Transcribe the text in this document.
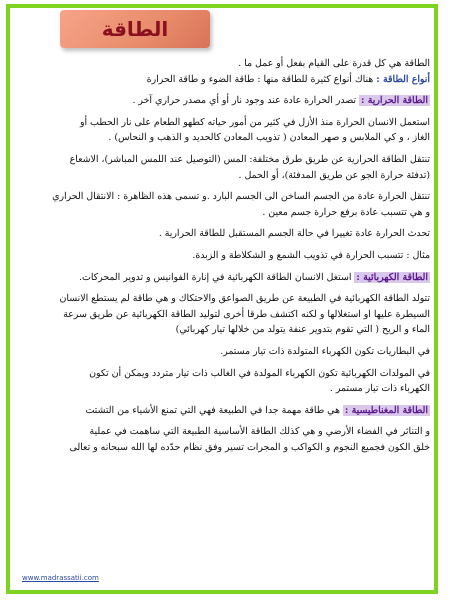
الطاقة

الطاقة هي كل قدرة على القيام بفعل أو عمل ما .

أنواع الطاقة : هناك أنواع كثيرة للطاقة منها : طاقة الضوء و طاقة الحرارة

الطاقة الحرارية : تصدر الحرارة عادة عند وجود نار أو أي مصدر حراري آخر .

استعمل الانسان الحرارة منذ الأزل في كثير من أمور حياته كطهو الطعام على نار الحطب أو

الغاز ، و كي الملابس و صهر المعادن ( تذويب المعادن كالحديد و الذهب و النحاس) .

تنتقل الطاقة الحرارية عن طريق طرق مختلفة: المس (التوصيل عند اللمس المباشر)، الاشعاع

(تدفئة حرارة الجو عن طريق المدفئة)، أو الحمل .

تنتقل الحرارة عادة من الجسم الساخن الى الجسم البارد .و تسمى هذه الظاهرة : الانتقال الحراري

و هي تتسبب عادة برفع حرارة جسم معين .

تحدث الحرارة عادة تغييرا في حالة الجسم المستقبل للطاقة الحرارية .

مثال : تتسبب الحرارة في تذويب الشمع و الشكلاطة و الزبدة.

الطاقة الكهربائية : استغل الانسان الطاقة الكهربائية في إنارة الفوانيس و تدوير المحركات.

تتولد الطاقة الكهربائية في الطبيعة عن طريق الصواعق والاحتكاك و هي طاقة لم يستطع الانسان

السيطرة عليها او استغلالها و لكنه اكتشف طرقا أخرى لتوليد الطاقة الكهربائية عن طريق سرعة

الماء و الريح ( التي تقوم بتدوير عنفة يتولد من خلالها تيار كهربائي)

في البطاريات تكون الكهرباء المتولدة ذات تيار مستمر.

في المولدات الكهربائية تكون الكهرباء المولدة في الغالب ذات تيار متردد ويمكن أن تكون

الكهرباء ذات تيار مستمر .

الطاقة المغناطيسية : هي طاقة مهمة جدا في الطبيعة فهي التي تمنع الأشياء من التشتت

و التناثر في الفضاء الأرضي و هي كذلك الطاقة الأساسية الطبيعة التي ساهمت في عملية

خلق الكون فجميع النجوم و الكواكب و المجرات تسير وفق نظام حدّده لها الله سبحانه و تعالى

www.madrassatii.com
